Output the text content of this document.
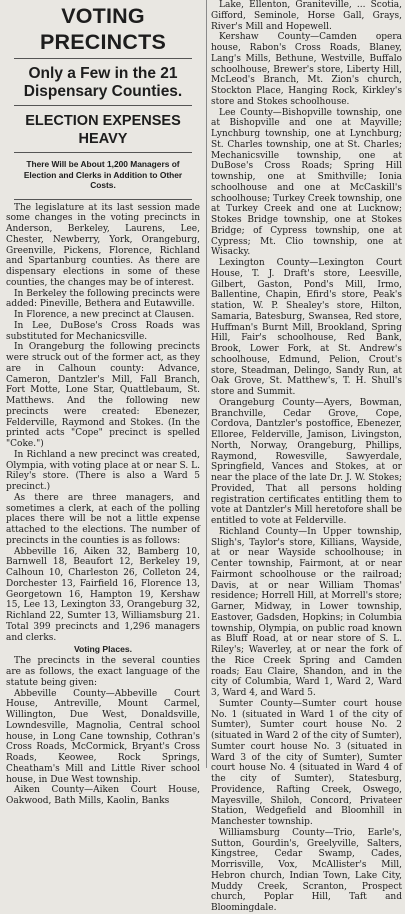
VOTING PRECINCTS
Only a Few in the 21 Dispensary Counties.
ELECTION EXPENSES HEAVY
There Will be About 1,200 Managers of Election and Clerks in Addition to Other Costs.

The legislature at its last session made some changes in the voting precincts in Anderson, Berkeley, Laurens, Lee, Chester, Newberry, York, Orangeburg, Greenville, Pickens, Florence, Richland and Spartanburg counties. As there are dispensary elections in some of these counties, the changes may be of interest.

In Berkeley the following precincts were added: Pineville, Bethera and Eutawville.

In Florence, a new precinct at Clausen.

In Lee, DuBose's Cross Roads was substituted for Mechanicsville.

In Orangeburg the following precincts were struck out of the former act, as they are in Calhoun county: Advance, Cameron, Dantzler's Mill, Fall Branch, Fort Motte, Lone Star, Quattlebaum, St. Matthews. And the following new precincts were created: Ebenezer, Felderville, Raymond and Stokes. (In the printed acts "Cope" precinct is spelled "Coke.")

In Richland a new precinct was created, Olympia, with voting place at or near S. L. Riley's store. (There is also a Ward 5 precinct.)

As there are three managers, and sometimes a clerk, at each of the polling places there will be not a little expense attached to the elections. The number of precincts in the counties is as follows:

Abbeville 16, Aiken 32, Bamberg 10, Barnwell 18, Beaufort 12, Berkeley 19, Calhoun 10, Charleston 26, Colleton 24, Dorchester 13, Fairfield 16, Florence 13, Georgetown 16, Hampton 19, Kershaw 15, Lee 13, Lexington 33, Orangeburg 32, Richland 22, Sumter 13, Williamsburg 21. Total 399 precincts and 1,296 managers and clerks.

Voting Places.

The precincts in the several counties are as follows, the exact language of the statute being given:

Abbeville County—Abbeville Court House, Antreville, Mount Carmel, Willington, Due West, Donaldsville, Lowndesville, Magnolia, Central school house, in Long Cane township, Cothran's Cross Roads, McCormick, Bryant's Cross Roads, Keowee, Rock Springs, Cheatham's Mill and Little River school house, in Due West township.

Aiken County—Aiken Court House, Oakwood, Bath Mills, Kaolin, Banks

Lake, Ellenton, Graniteville, ... Scotia, Gifford, Seminole, Horse Gall, Grays, River's Mill and Hopewell.

Kershaw County—Camden opera house, Rabon's Cross Roads, Blaney, Lang's Mills, Bethune, Westville, Buffalo schoolhouse, Brewer's store, Liberty Hill, McLeod's Branch, Mt. Zion's church, Stockton Place, Hanging Rock, Kirkley's store and Stokes schoolhouse.

Lee County—Bishopville township, one at Bishopville and one at Mayville; Lynchburg township, one at Lynchburg; St. Charles township, one at St. Charles; Mechanicsville township, one at DuBose's Cross Roads; Spring Hill township, one at Smithville; Ionia schoolhouse and one at McCaskill's schoolhouse; Turkey Creek township, one at Turkey Creek and one at Lucknow; Stokes Bridge township, one at Stokes Bridge; of Cypress township, one at Cypress; Mt. Clio township, one at Wisacky.

Lexington County—Lexington Court House, T. J. Draft's store, Leesville, Gilbert, Gaston, Pond's Mill, Irmo, Ballentine, Chapin, Efird's store, Peak's station, W. P. Shealey's store, Hilton, Samaria, Batesburg, Swansea, Red store, Huffman's Burnt Mill, Brookland, Spring Hill, Fair's schoolhouse, Red Bank, Brook, Lower Fork, at St. Andrew's schoolhouse, Edmund, Pelion, Crout's store, Steadman, Delingo, Sandy Run, at Oak Grove, St. Matthew's, T. H. Shull's store and Summit.

Orangeburg County—Ayers, Bowman, Branchville, Cedar Grove, Cope, Cordova, Dantzler's postoffice, Ebenezer, Elloree, Felderville, Jamison, Livingston, North, Norway, Orangeburg, Phillips, Raymond, Rowesville, Sawyerdale, Springfield, Vances and Stokes, at or near the place of the late Dr. J. W. Stokes; Provided, That all persons holding registration certificates entitling them to vote at Dantzler's Mill heretofore shall be entitled to vote at Felderville.

Richland County—In Upper township, Sligh's, Taylor's store, Killians, Wayside, at or near Wayside schoolhouse; in Center township, Fairmont, at or near Fairmont schoolhouse or the railroad; Davis, at or near William Thomas' residence; Horrell Hill, at Morrell's store; Garner, Midway, in Lower township, Eastover, Gadsden, Hopkins; in Columbia township, Olympia, on public road known as Bluff Road, at or near store of S. L. Riley's; Waverley, at or near the fork of the Rice Creek Spring and Camden roads; Eau Claire, Shandon, and in the city of Columbia, Ward 1, Ward 2, Ward 3, Ward 4, and Ward 5.

Sumter County—Sumter court house No. 1 (situated in Ward 1 of the city of Sumter), Sumter court house No. 2 (situated in Ward 2 of the city of Sumter), Sumter court house No. 3 (situated in Ward 3 of the city of Sumter), Sumter court house No. 4 (situated in Ward 4 of the city of Sumter), Statesburg, Providence, Rafting Creek, Oswego, Mayesville, Shiloh, Concord, Privateer Station, Wedgefield and Bloomhill in Manchester township.

Williamsburg County—Trio, Earle's, Sutton, Gourdin's, Greelyville, Salters, Kingstree, Cedar Swamp, Cades, Morrisville, Vox, McAllister's Mill, Hebron church, Indian Town, Lake City, Muddy Creek, Scranton, Prospect church, Poplar Hill, Taft and Bloomingdale.
